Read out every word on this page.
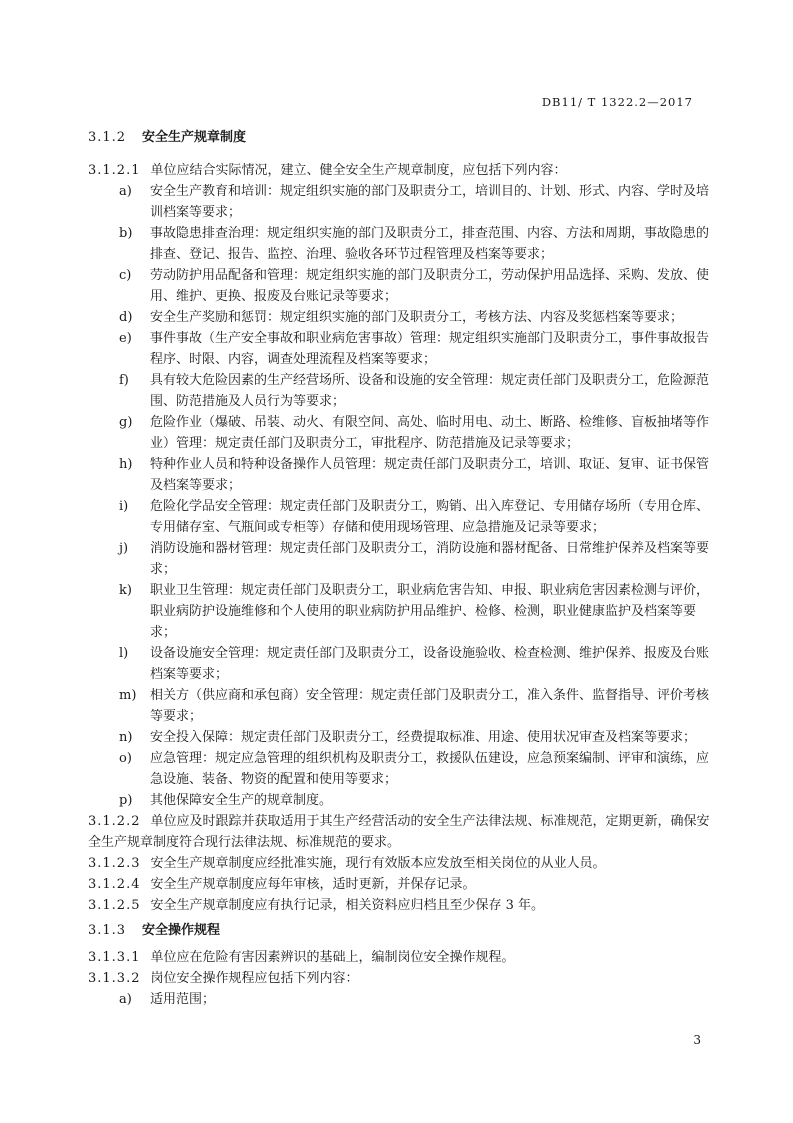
DB11/ T 1322.2—2017

3.1.2 安全生产规章制度

3.1.2.1 单位应结合实际情况，建立、健全安全生产规章制度，应包括下列内容：

a) 安全生产教育和培训：规定组织实施的部门及职责分工，培训目的、计划、形式、内容、学时及培训档案等要求；

b) 事故隐患排查治理：规定组织实施的部门及职责分工，排查范围、内容、方法和周期，事故隐患的排查、登记、报告、监控、治理、验收各环节过程管理及档案等要求；

c) 劳动防护用品配备和管理：规定组织实施的部门及职责分工，劳动保护用品选择、采购、发放、使用、维护、更换、报废及台账记录等要求；

d) 安全生产奖励和惩罚：规定组织实施的部门及职责分工，考核方法、内容及奖惩档案等要求；

e) 事件事故（生产安全事故和职业病危害事故）管理：规定组织实施部门及职责分工，事件事故报告程序、时限、内容，调查处理流程及档案等要求；

f) 具有较大危险因素的生产经营场所、设备和设施的安全管理：规定责任部门及职责分工，危险源范围、防范措施及人员行为等要求；

g) 危险作业（爆破、吊装、动火、有限空间、高处、临时用电、动土、断路、检维修、盲板抽堵等作业）管理：规定责任部门及职责分工，审批程序、防范措施及记录等要求；

h) 特种作业人员和特种设备操作人员管理：规定责任部门及职责分工，培训、取证、复审、证书保管及档案等要求；

i) 危险化学品安全管理：规定责任部门及职责分工，购销、出入库登记、专用储存场所（专用仓库、专用储存室、气瓶间或专柜等）存储和使用现场管理、应急措施及记录等要求；

j) 消防设施和器材管理：规定责任部门及职责分工，消防设施和器材配备、日常维护保养及档案等要求；

k) 职业卫生管理：规定责任部门及职责分工，职业病危害告知、申报、职业病危害因素检测与评价，职业病防护设施维修和个人使用的职业病防护用品维护、检修、检测，职业健康监护及档案等要求；

l) 设备设施安全管理：规定责任部门及职责分工，设备设施验收、检查检测、维护保养、报废及台账档案等要求；

m) 相关方（供应商和承包商）安全管理：规定责任部门及职责分工，准入条件、监督指导、评价考核等要求；

n) 安全投入保障：规定责任部门及职责分工，经费提取标准、用途、使用状况审查及档案等要求；

o) 应急管理：规定应急管理的组织机构及职责分工，救援队伍建设，应急预案编制、评审和演练，应急设施、装备、物资的配置和使用等要求；

p) 其他保障安全生产的规章制度。

3.1.2.2 单位应及时跟踪并获取适用于其生产经营活动的安全生产法律法规、标准规范，定期更新，确保安全生产规章制度符合现行法律法规、标准规范的要求。

3.1.2.3 安全生产规章制度应经批准实施，现行有效版本应发放至相关岗位的从业人员。

3.1.2.4 安全生产规章制度应每年审核，适时更新，并保存记录。

3.1.2.5 安全生产规章制度应有执行记录，相关资料应归档且至少保存 3 年。

3.1.3 安全操作规程

3.1.3.1 单位应在危险有害因素辨识的基础上，编制岗位安全操作规程。

3.1.3.2 岗位安全操作规程应包括下列内容：

a) 适用范围；

3
